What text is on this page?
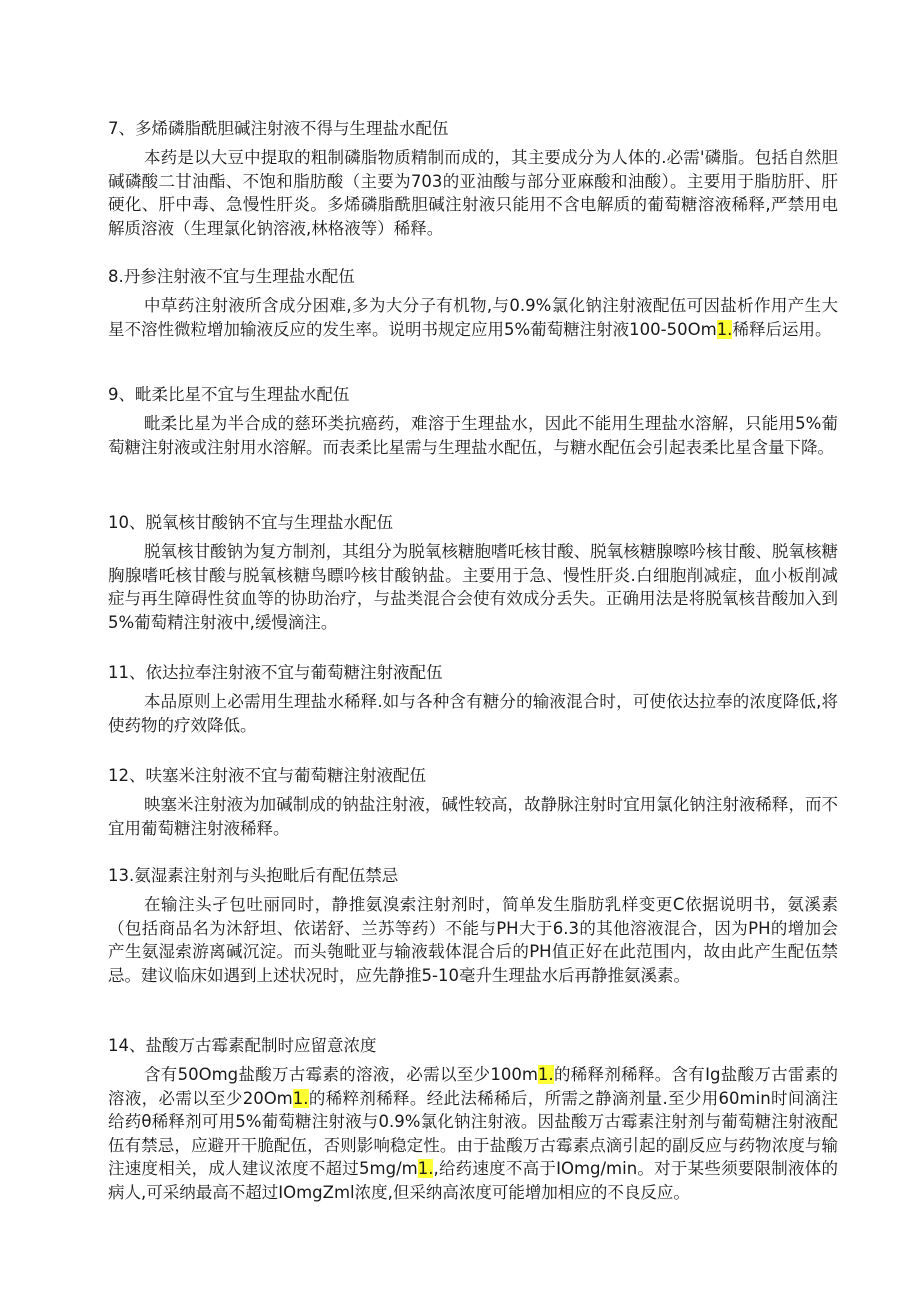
7、多烯磷脂酰胆碱注射液不得与生理盐水配伍

本药是以大豆中提取的粗制磷脂物质精制而成的，其主要成分为人体的.必需'磷脂。包括自然胆碱磷酸二甘油酯、不饱和脂肪酸（主要为703的亚油酸与部分亚麻酸和油酸）。主要用于脂肪肝、肝硬化、肝中毒、急慢性肝炎。多烯磷脂酰胆碱注射液只能用不含电解质的葡萄糖溶液稀释,严禁用电解质溶液（生理氯化钠溶液,林格液等）稀释。

8.丹参注射液不宜与生理盐水配伍

中草药注射液所含成分困难,多为大分子有机物,与0.9%氯化钠注射液配伍可因盐析作用产生大星不溶性微粒增加输液反应的发生率。说明书规定应用5%葡萄糖注射液100-50Om1.稀释后运用。

9、毗柔比星不宜与生理盐水配伍

毗柔比星为半合成的慈环类抗癌药，难溶于生理盐水，因此不能用生理盐水溶解，只能用5%葡萄糖注射液或注射用水溶解。而表柔比星需与生理盐水配伍，与糖水配伍会引起表柔比星含量下降。

10、脱氧核甘酸钠不宜与生理盐水配伍

脱氧核甘酸钠为复方制剂，其组分为脱氧核糖胞嗜吒核甘酸、脱氧核糖腺嚓吟核甘酸、脱氧核糖胸腺嗜吒核甘酸与脱氧核糖鸟瞟吟核甘酸钠盐。主要用于急、慢性肝炎.白细胞削减症，血小板削减症与再生障碍性贫血等的协助治疗，与盐类混合会使有效成分丢失。正确用法是将脱氧核昔酸加入到5%葡萄精注射液中,缓慢滴注。

11、依达拉奉注射液不宜与葡萄糖注射液配伍

本品原则上必需用生理盐水稀释.如与各种含有糖分的输液混合时，可使依达拉奉的浓度降低,将使药物的疗效降低。

12、呋塞米注射液不宜与葡萄糖注射液配伍

映塞米注射液为加碱制成的钠盐注射液，碱性较高，故静脉注射时宜用氯化钠注射液稀释，而不宜用葡萄糖注射液稀释。

13.氨湿素注射剂与头抱毗后有配伍禁忌

在输注头孑包吐丽同时，静推氨溴索注射剂时，简单发生脂肪乳样变更C依据说明书，氨溪素（包括商品名为沐舒坦、依诺舒、兰苏等药）不能与PH大于6.3的其他溶液混合，因为PH的增加会产生氨湿索游离碱沉淀。而头匏毗亚与输液载体混合后的PH值正好在此范围内，故由此产生配伍禁忌。建议临床如遇到上述状况时，应先静推5-10毫升生理盐水后再静推氨溪素。

14、盐酸万古霉素配制时应留意浓度

含有50Omg盐酸万古霉素的溶液，必需以至少100m1.的稀释剂稀释。含有Ig盐酸万古雷素的溶液，必需以至少20Om1.的稀粹剂稀释。经此法稀稀后，所需之静滴剂量.至少用60min时间滴注给药θ稀释剂可用5%葡萄糖注射液与0.9%氯化钠注射液。因盐酸万古霉素注射剂与葡萄糖注射液配伍有禁忌，应避开干脆配伍，否则影响稳定性。由于盐酸万古霉素点滴引起的副反应与药物浓度与输注速度相关，成人建议浓度不超过5mg/m1.,给药速度不高于IOmg/min。对于某些须要限制液体的病人,可采纳最高不超过IOmgZml浓度,但采纳高浓度可能增加相应的不良反应。
